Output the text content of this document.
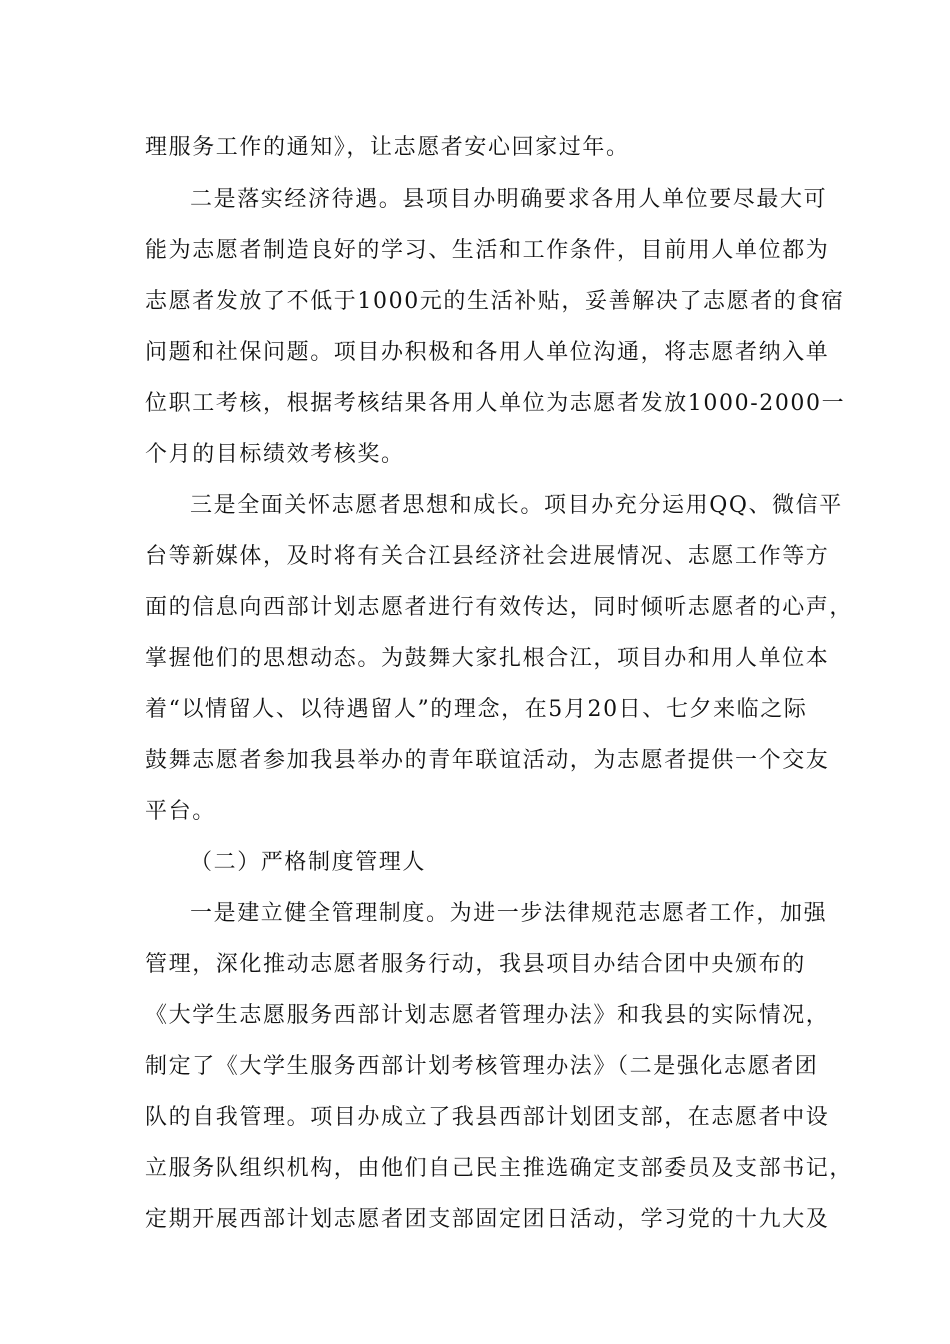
理服务工作的通知》，让志愿者安心回家过年。
二是落实经济待遇。县项目办明确要求各用人单位要尽最大可
能为志愿者制造良好的学习、生活和工作条件，目前用人单位都为
志愿者发放了不低于1000元的生活补贴，妥善解决了志愿者的食宿
问题和社保问题。项目办积极和各用人单位沟通，将志愿者纳入单
位职工考核，根据考核结果各用人单位为志愿者发放1000-2000一
个月的目标绩效考核奖。
三是全面关怀志愿者思想和成长。项目办充分运用QQ、微信平
台等新媒体，及时将有关合江县经济社会进展情况、志愿工作等方
面的信息向西部计划志愿者进行有效传达，同时倾听志愿者的心声，
掌握他们的思想动态。为鼓舞大家扎根合江，项目办和用人单位本
着“以情留人、以待遇留人”的理念，在5月20日、七夕来临之际
鼓舞志愿者参加我县举办的青年联谊活动，为志愿者提供一个交友
平台。
（二）严格制度管理人
一是建立健全管理制度。为进一步法律规范志愿者工作，加强
管理，深化推动志愿者服务行动，我县项目办结合团中央颁布的
《大学生志愿服务西部计划志愿者管理办法》和我县的实际情况，
制定了《大学生服务西部计划考核管理办法》（二是强化志愿者团
队的自我管理。项目办成立了我县西部计划团支部，在志愿者中设
立服务队组织机构，由他们自己民主推选确定支部委员及支部书记，
定期开展西部计划志愿者团支部固定团日活动，学习党的十九大及
